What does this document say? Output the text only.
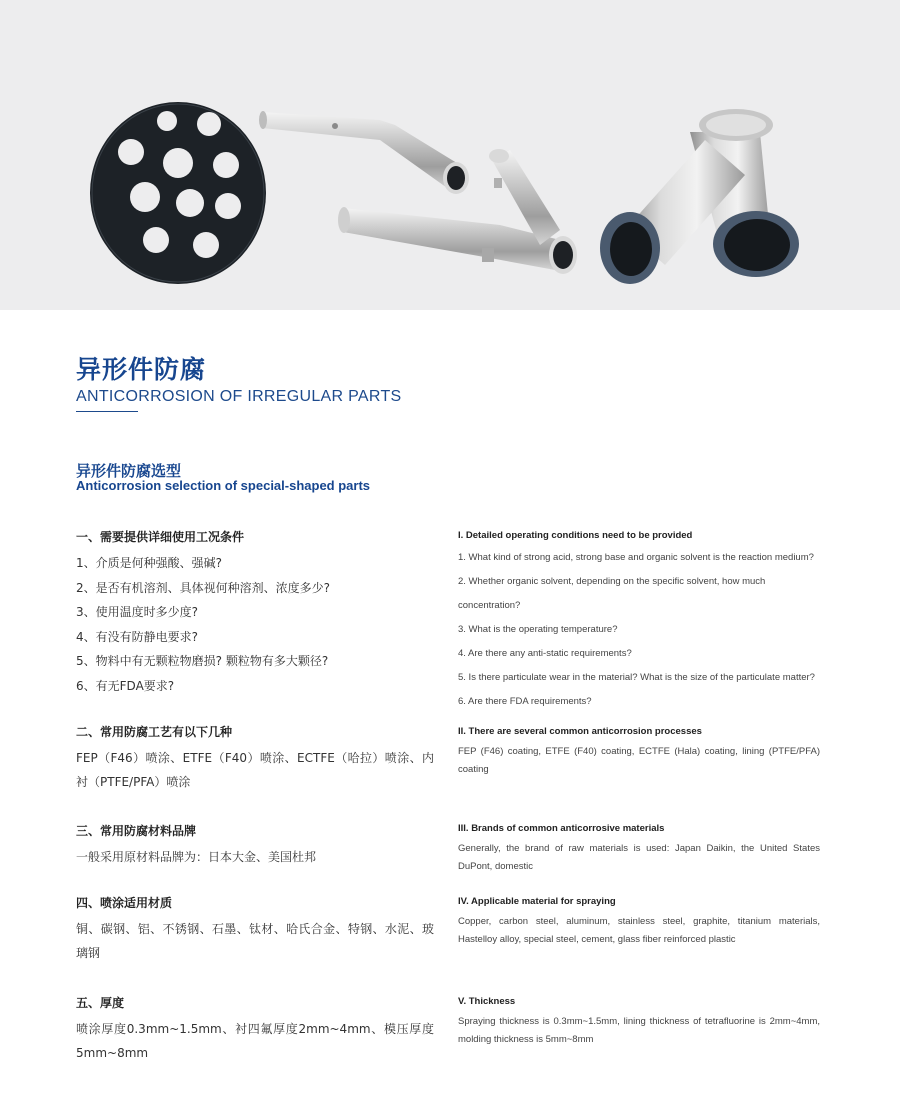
异形件防腐
ANTICORROSION OF IRREGULAR PARTS
异形件防腐选型
Anticorrosion selection of special-shaped parts
一、需要提供详细使用工况条件
1、介质是何种强酸、强碱?
2、是否有机溶剂、具体视何种溶剂、浓度多少?
3、使用温度时多少度?
4、有没有防静电要求?
5、物料中有无颗粒物磨损? 颗粒物有多大颗径?
6、有无FDA要求?
I. Detailed operating conditions need to be provided
1. What kind of strong acid, strong base and organic solvent is the reaction medium?
2. Whether organic solvent, depending on the specific solvent, how much concentration?
3. What is the operating temperature?
4. Are there any anti-static requirements?
5. Is there particulate wear in the material? What is the size of the particulate matter?
6. Are there FDA requirements?
二、常用防腐工艺有以下几种
FEP（F46）喷涂、ETFE（F40）喷涂、ECTFE（哈拉）喷涂、内衬（PTFE/PFA）喷涂
II. There are several common anticorrosion processes
FEP (F46) coating, ETFE (F40) coating, ECTFE (Hala) coating, lining (PTFE/PFA) coating
三、常用防腐材料品牌
一般采用原材料品牌为：日本大金、美国杜邦
III. Brands of common anticorrosive materials
Generally, the brand of raw materials is used: Japan Daikin, the United States DuPont, domestic
四、喷涂适用材质
铜、碳钢、铝、不锈钢、石墨、钛材、哈氏合金、特钢、水泥、玻璃钢
IV. Applicable material for spraying
Copper, carbon steel, aluminum, stainless steel, graphite, titanium materials, Hastelloy alloy, special steel, cement, glass fiber reinforced plastic
五、厚度
喷涂厚度0.3mm~1.5mm、衬四氟厚度2mm~4mm、模压厚度5mm~8mm
V. Thickness
Spraying thickness is 0.3mm~1.5mm, lining thickness of tetrafluorine is 2mm~4mm, molding thickness is 5mm~8mm
